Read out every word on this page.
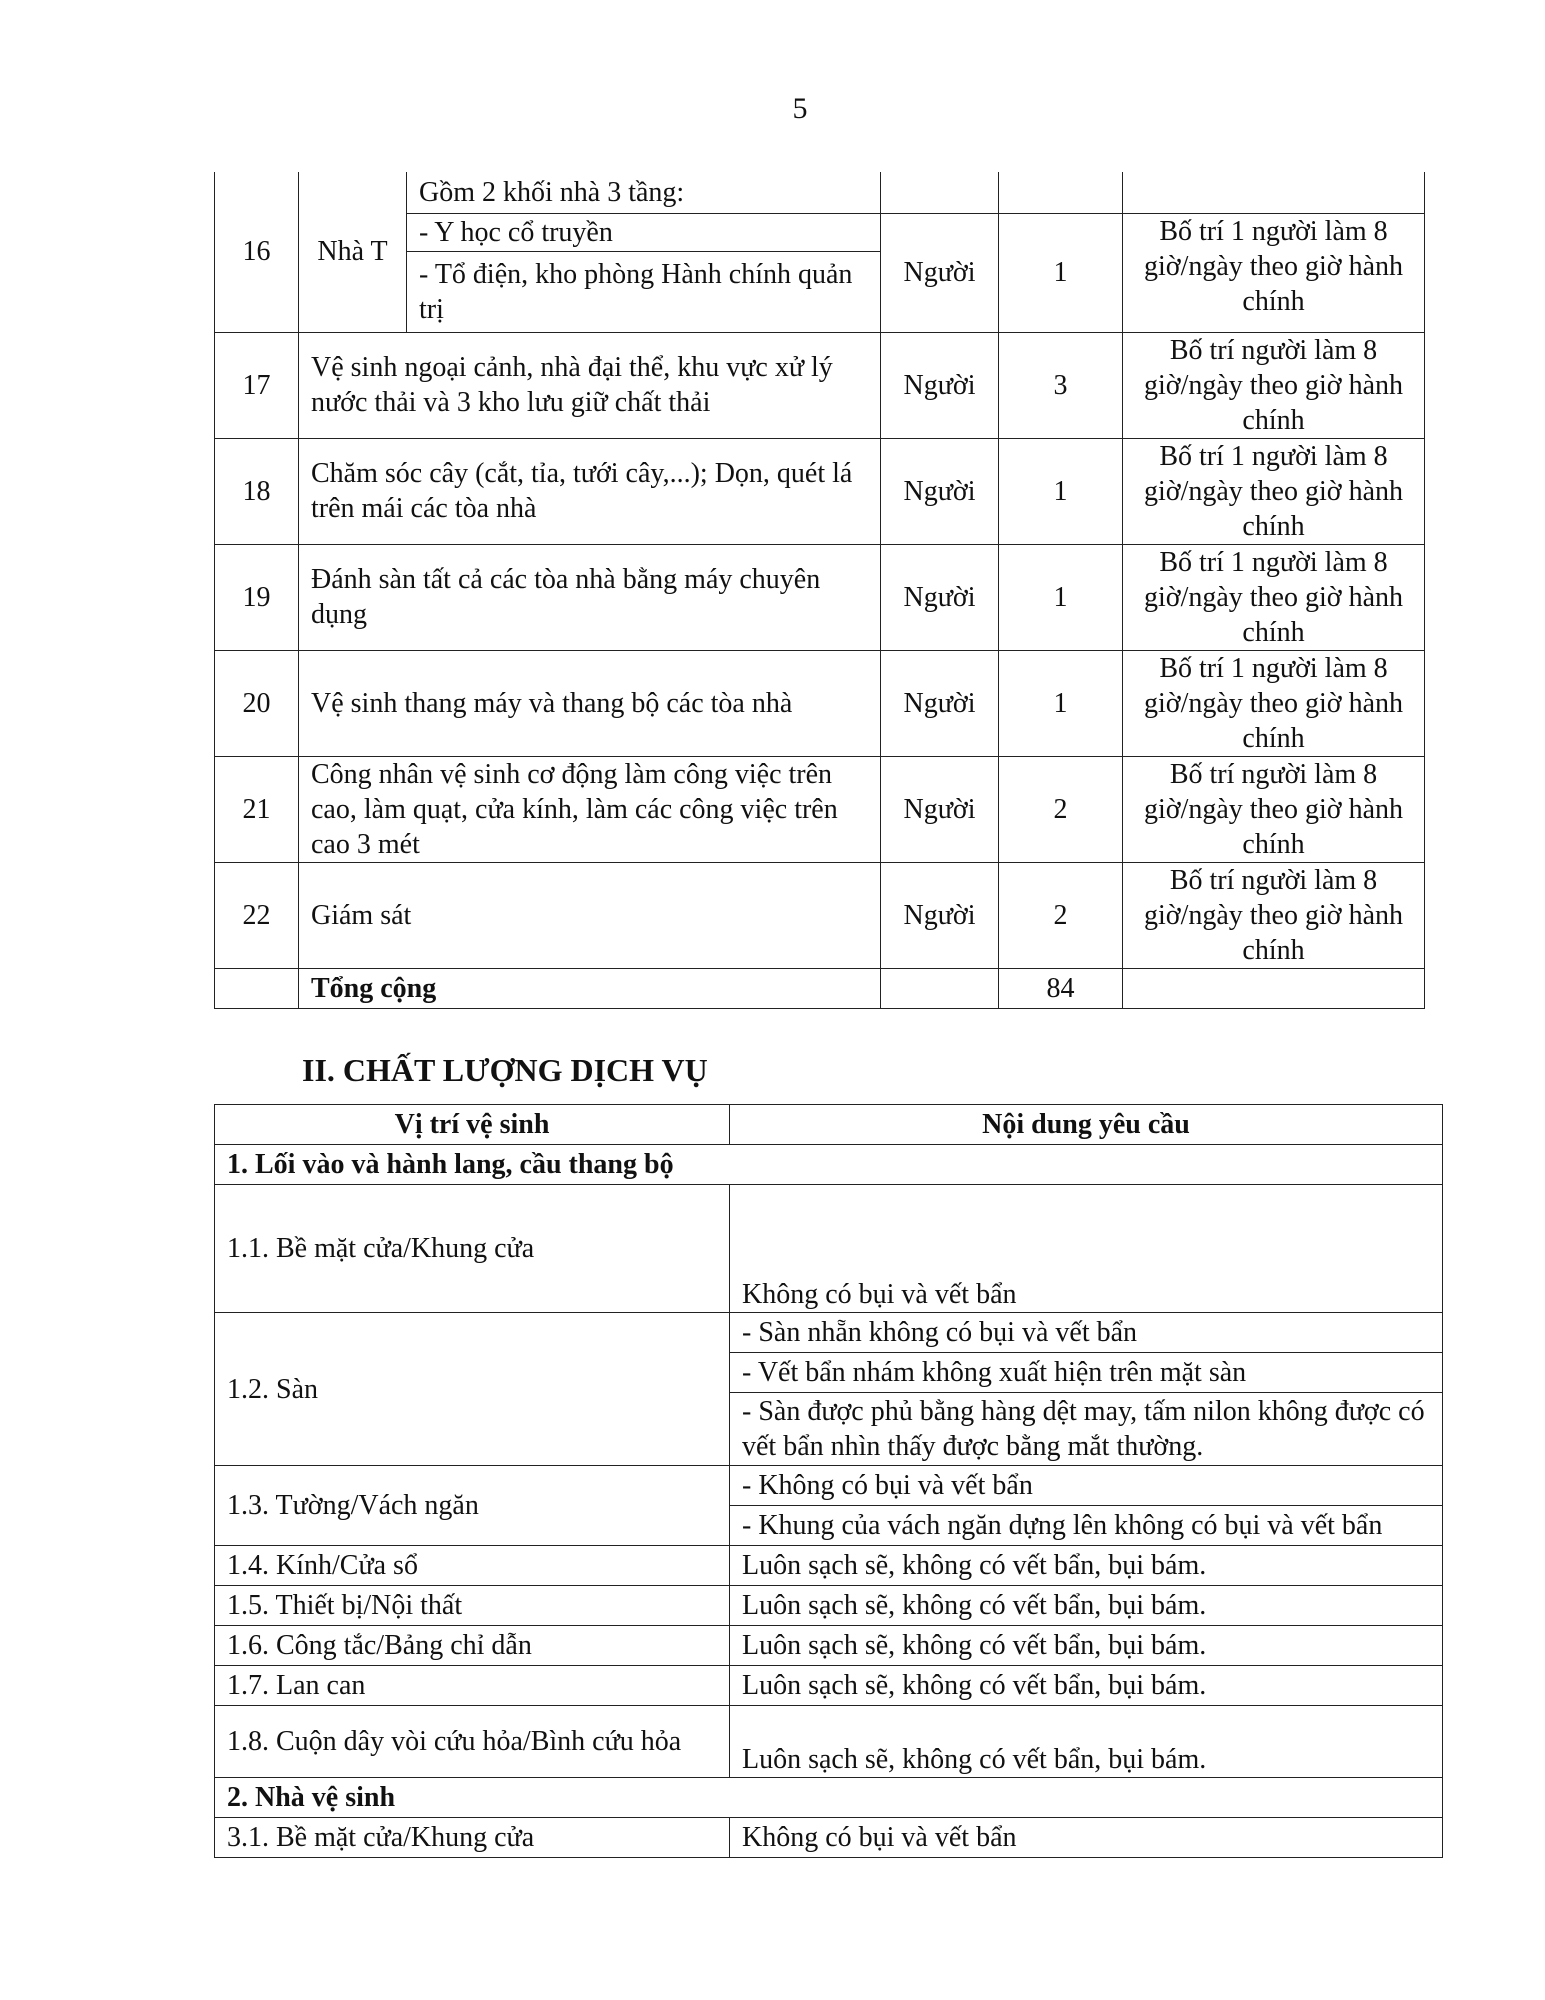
5
16	Nhà T	Gồm 2 khối nhà 3 tầng:			
		- Y học cổ truyền	Người	1	Bố trí 1 người làm 8 giờ/ngày theo giờ hành chính
		- Tổ điện, kho phòng Hành chính quản trị			
17	Vệ sinh ngoại cảnh, nhà đại thể, khu vực xử lý nước thải và 3 kho lưu giữ chất thải		Người	3	Bố trí người làm 8 giờ/ngày theo giờ hành chính
18	Chăm sóc cây (cắt, tỉa, tưới cây,...); Dọn, quét lá trên mái các tòa nhà		Người	1	Bố trí 1 người làm 8 giờ/ngày theo giờ hành chính
19	Đánh sàn tất cả các tòa nhà bằng máy chuyên dụng		Người	1	Bố trí 1 người làm 8 giờ/ngày theo giờ hành chính
20	Vệ sinh thang máy và thang bộ các tòa nhà		Người	1	Bố trí 1 người làm 8 giờ/ngày theo giờ hành chính
21	Công nhân vệ sinh cơ động làm công việc trên cao, làm quạt, cửa kính, làm các công việc trên cao 3 mét		Người	2	Bố trí người làm 8 giờ/ngày theo giờ hành chính
22	Giám sát		Người	2	Bố trí người làm 8 giờ/ngày theo giờ hành chính
	Tổng cộng			84	
II. CHẤT LƯỢNG DỊCH VỤ
Vị trí vệ sinh	Nội dung yêu cầu
1. Lối vào và hành lang, cầu thang bộ	
1.1. Bề mặt cửa/Khung cửa	Không có bụi và vết bẩn
1.2. Sàn	- Sàn nhẵn không có bụi và vết bẩn
	- Vết bẩn nhám không xuất hiện trên mặt sàn
	- Sàn được phủ bằng hàng dệt may, tấm nilon không được có vết bẩn nhìn thấy được bằng mắt thường.
1.3. Tường/Vách ngăn	- Không có bụi và vết bẩn
	- Khung của vách ngăn dựng lên không có bụi và vết bẩn
1.4. Kính/Cửa sổ	Luôn sạch sẽ, không có vết bẩn, bụi bám.
1.5. Thiết bị/Nội thất	Luôn sạch sẽ, không có vết bẩn, bụi bám.
1.6. Công tắc/Bảng chỉ dẫn	Luôn sạch sẽ, không có vết bẩn, bụi bám.
1.7. Lan can	Luôn sạch sẽ, không có vết bẩn, bụi bám.
1.8. Cuộn dây vòi cứu hỏa/Bình cứu hỏa	Luôn sạch sẽ, không có vết bẩn, bụi bám.
2. Nhà vệ sinh	
3.1. Bề mặt cửa/Khung cửa	Không có bụi và vết bẩn
